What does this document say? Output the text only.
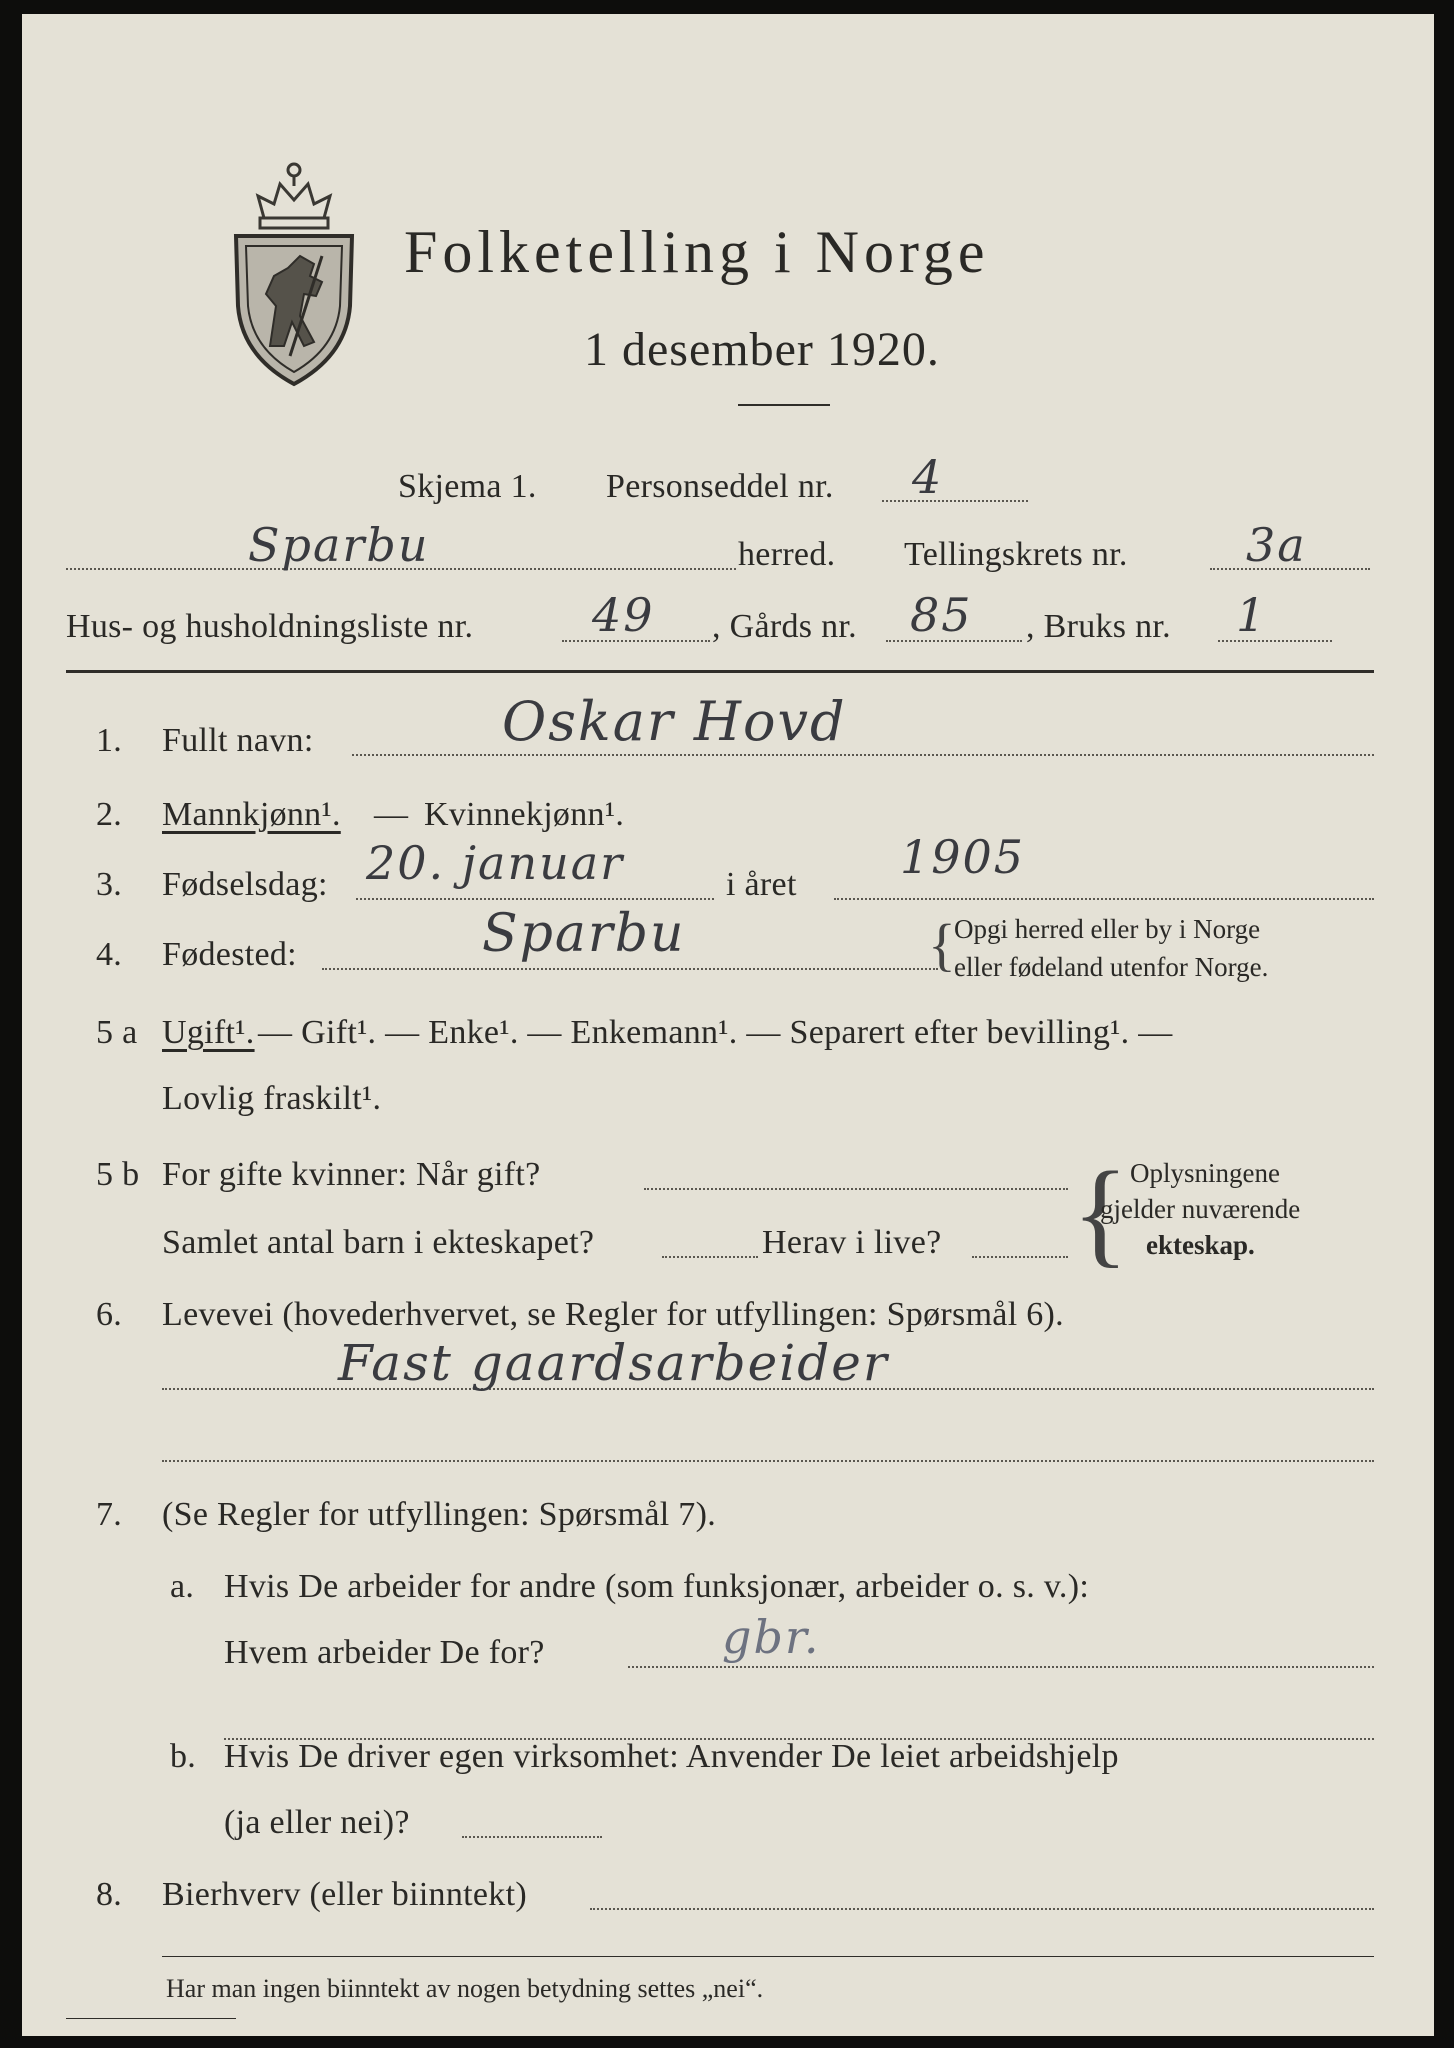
Folketelling i Norge
1 desember 1920.
Skjema 1. Personseddel nr. 4
Sparbu	herred. Tellingskrets nr.	3a
Hus- og husholdningsliste nr.	49 , Gårds nr. 85 , Bruks nr. 1
1. Fullt navn:	Oskar Hovd
2. Mannkjønn¹. — Kvinnekjønn¹.
3. Fødselsdag: 20. januar	i året
1905
4. Fødested:	Sparbu	{
Opgi herred eller by i Norge
eller fødeland utenfor Norge.
5 a Ugift¹. — Gift¹. — Enke¹. — Enkemann¹. — Separert efter bevilling¹. —
Lovlig fraskilt¹.
5 b For gifte kvinner: Når gift?
Samlet antal barn i ekteskapet?	Herav i live? { Oplysningene
gjelder nuværende
ekteskap.
6. Levevei (hovederhvervet, se Regler for utfyllingen: Spørsmål 6).
Fast gaardsarbeider
7. (Se Regler for utfyllingen: Spørsmål 7).
a. Hvis De arbeider for andre (som funksjonær, arbeider o. s. v.):
Hvem arbeider De for?	gbr.
b. Hvis De driver egen virksomhet: Anvender De leiet arbeidshjelp
(ja eller nei)?
8. Bierhverv (eller biinntekt)
Har man ingen biinntekt av nogen betydning settes „nei“.
